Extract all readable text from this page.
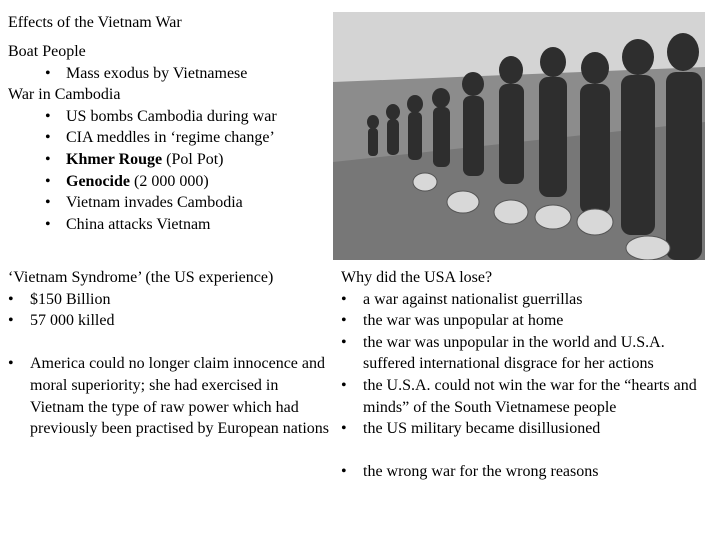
Effects of the Vietnam War
Boat People
• Mass exodus by Vietnamese
War in Cambodia
• US bombs Cambodia during war
• CIA meddles in ‘regime change’
• Khmer Rouge (Pol Pot)
• Genocide (2 000 000)
• Vietnam invades Cambodia
• China attacks Vietnam
‘Vietnam Syndrome’ (the US experience)
• $150 Billion
• 57 000 killed
• America could no longer claim innocence and moral superiority; she had exercised in Vietnam the type of raw power which had previously been practised by European nations
Why did the USA lose?
• a war against nationalist guerrillas
• the war was unpopular at home
• the war was unpopular in the world and U.S.A. suffered international disgrace for her actions
• the U.S.A. could not win the war for the “hearts and minds” of the South Vietnamese people
• the US military became disillusioned
• the wrong war for the wrong reasons
